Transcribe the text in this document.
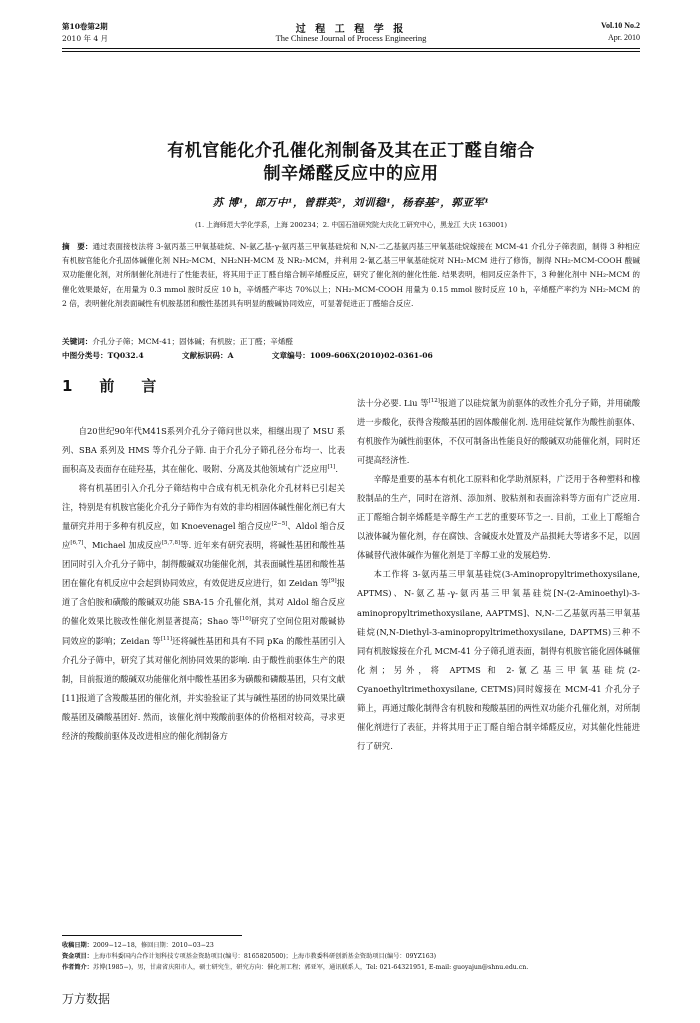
第10卷第2期
2010 年 4 月
过 程 工 程 学 报
The Chinese Journal of Process Engineering
Vol.10 No.2
Apr. 2010
有机官能化介孔催化剂制备及其在正丁醛自缩合
制辛烯醛反应中的应用
苏 博¹，郎万中¹，曾群英²，刘训稳¹，杨春基²，郭亚军¹
(1. 上海师范大学化学系，上海 200234；2. 中国石油研究院大庆化工研究中心，黑龙江 大庆 163001)
摘　要：通过表面接枝法将 3-氨丙基三甲氧基硅烷、N-氨乙基-γ-氨丙基三甲氧基硅烷和 N,N-二乙基氨丙基三甲氧基硅烷嫁接在 MCM-41 介孔分子筛表面，制得 3 种相应有机胺官能化介孔固体碱催化剂 NH₂-MCM、NH₂NH-MCM 及 NR₂-MCM，并利用 2-氰乙基三甲氧基硅烷对 NH₂-MCM 进行了修饰，制得 NH₂-MCM-COOH 酸碱双功能催化剂，对所制催化剂进行了性能表征，将其用于正丁醛自缩合制辛烯醛反应，研究了催化剂的催化性能. 结果表明，相同反应条件下，3 种催化剂中 NH₂-MCM 的催化效果最好，在用量为 0.3 mmol 胺时反应 10 h，辛烯醛产率达 70%以上；NH₂-MCM-COOH 用量为 0.15 mmol 胺时反应 10 h，辛烯醛产率约为 NH₂-MCM 的 2 倍，表明催化剂表面碱性有机胺基团和酸性基团具有明显的酸碱协同效应，可显著促进正丁醛缩合反应.
关键词：介孔分子筛；MCM-41；固体碱；有机胺；正丁醛；辛烯醛
中图分类号：TQ032.4	文献标识码：A	文章编号：1009-606X(2010)02-0361-06
1　前　言

自20世纪90年代M41S系列介孔分子筛问世以来，相继出现了 MSU 系列、SBA 系列及 HMS 等介孔分子筛. 由于介孔分子筛孔径分布均一、比表面积高及表面存在硅羟基，其在催化、吸附、分离及其他领域有广泛应用[1].

将有机基团引入介孔分子筛结构中合成有机无机杂化介孔材料已引起关注，特别是有机胺官能化介孔分子筛作为有效的非均相固体碱性催化剂已有大量研究并用于多种有机反应，如 Knoevenagel 缩合反应[2−5]、Aldol 缩合反应[6,7]、Michael 加成反应[5,7,8]等. 近年来有研究表明，将碱性基团和酸性基团同时引入介孔分子筛中，制得酸碱双功能催化剂，其表面碱性基团和酸性基团在催化有机反应中会起到协同效应，有效促进反应进行，如 Zeidan 等[9]报道了含伯胺和磺酸的酸碱双功能 SBA-15 介孔催化剂，其对 Aldol 缩合反应的催化效果比胺改性催化剂显著提高；Shao 等[10]研究了空间位阻对酸碱协同效应的影响；Zeidan 等[11]还将碱性基团和具有不同 pKa 的酸性基团引入介孔分子筛中，研究了其对催化剂协同效果的影响. 由于酸性前驱体生产的限制，目前报道的酸碱双功能催化剂中酸性基团多为磺酸和磷酸基团，只有文献[11]报道了含羧酸基团的催化剂，并实验验证了其与碱性基团的协同效果比磺酸基团及磷酸基团好. 然而，该催化剂中羧酸前驱体的价格相对较高，寻求更经济的羧酸前驱体及改进相应的催化剂制备方

法十分必要. Liu 等[12]报道了以硅烷氰为前驱体的改性介孔分子筛，并用硫酸进一步酸化，获得含羧酸基团的固体酸催化剂. 选用硅烷氰作为酸性前驱体、有机胺作为碱性前驱体，不仅可制备出性能良好的酸碱双功能催化剂，同时还可提高经济性.

辛醇是重要的基本有机化工原料和化学助剂原料，广泛用于各种塑料和橡胶制品的生产，同时在溶剂、添加剂、胶粘剂和表面涂料等方面有广泛应用. 正丁醛缩合制辛烯醛是辛醇生产工艺的重要环节之一. 目前，工业上丁醛缩合以液体碱为催化剂，存在腐蚀、含碱废水处置及产品损耗大等诸多不足，以固体碱替代液体碱作为催化剂是丁辛醇工业的发展趋势.

本工作将 3-氨丙基三甲氧基硅烷(3-Aminopropyltrimethoxysilane, APTMS)、N-氨乙基-γ-氨丙基三甲氧基硅烷[N-(2-Aminoethyl)-3-aminopropyltrimethoxysilane, AAPTMS]、N,N-二乙基氨丙基三甲氧基硅烷(N,N-Diethyl-3-aminopropyltrimethoxysilane, DAPTMS)三种不同有机胺嫁接在介孔 MCM-41 分子筛孔道表面，制得有机胺官能化固体碱催化剂；另外，将 APTMS 和 2-氰乙基三甲氧基硅烷(2-Cyanoethyltrimethoxysilane, CETMS)同时嫁接在 MCM-41 介孔分子筛上，再通过酸化制得含有机胺和羧酸基团的两性双功能介孔催化剂，对所制催化剂进行了表征，并将其用于正丁醛自缩合制辛烯醛反应，对其催化性能进行了研究.

收稿日期：2009−12−18，修回日期：2010−03−23
资金项目：上海市科委国内合作计划科技专项基金资助项目(编号：8165820500)；上海市教委科研创新基金资助项目(编号：09YZ163)
作者简介：苏博(1985−)，男，甘肃省庆阳市人，硕士研究生，研究方向：催化剂工程；郭亚军，通讯联系人，Tel: 021-64321951, E-mail: guoyajun@shnu.edu.cn.
万方数据
